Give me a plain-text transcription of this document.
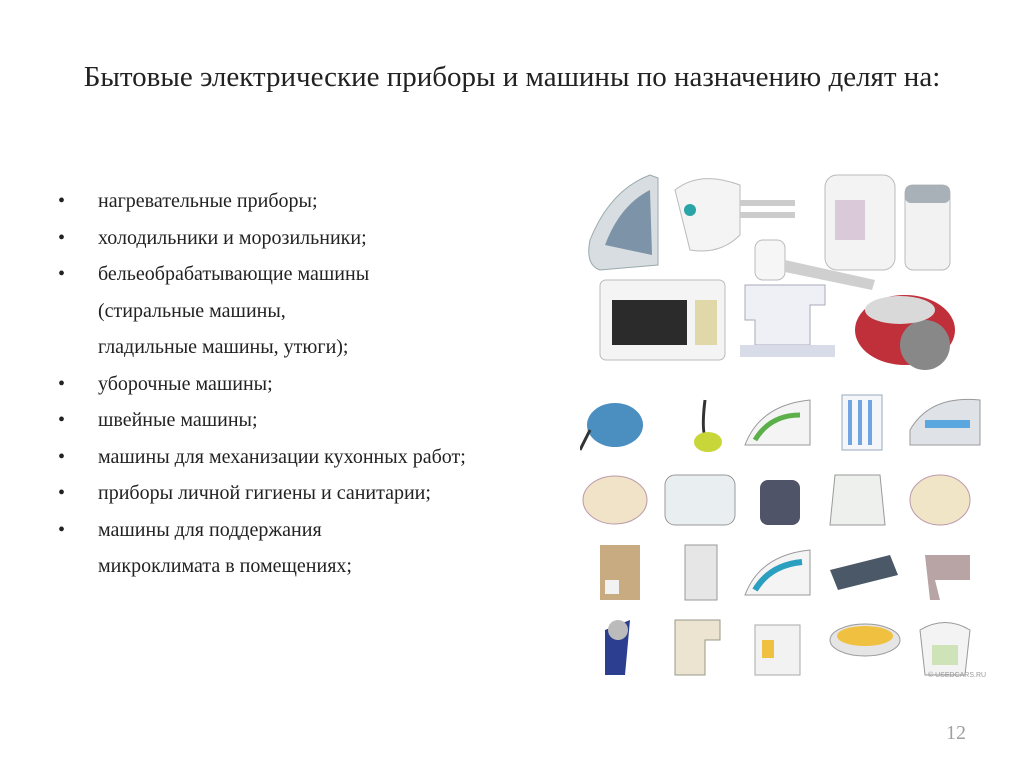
Бытовые электрические приборы и машины по назначению делят на:
• нагревательные приборы;
• холодильники и морозильники;
• бельеобрабатывающие машины
(стиральные машины,
гладильные машины, утюги);
• уборочные машины;
• швейные машины;
• машины для механизации кухонных работ;
• приборы личной гигиены и санитарии;
• машины для поддержания
микроклимата в помещениях;
© USEDCARS.RU
12
